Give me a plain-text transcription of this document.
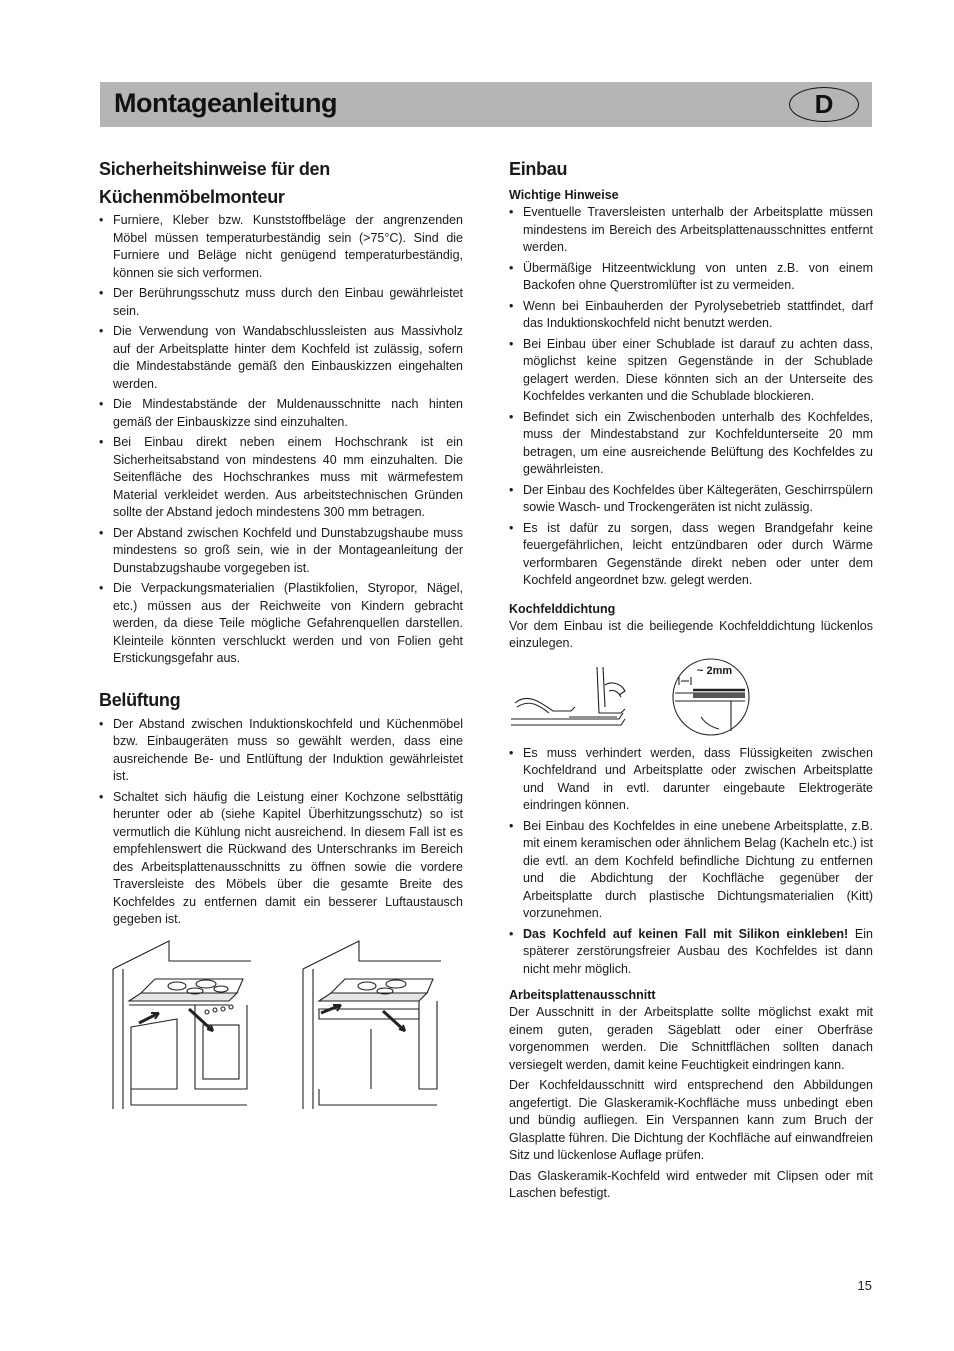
Montageanleitung	D
Sicherheitshinweise für den Küchenmöbelmonteur
• Furniere, Kleber bzw. Kunststoffbeläge der angrenzenden Möbel müssen temperaturbeständig sein (>75°C). Sind die Furniere und Beläge nicht genügend temperaturbeständig, können sie sich verformen.
• Der Berührungsschutz muss durch den Einbau gewährleistet sein.
• Die Verwendung von Wandabschlussleisten aus Massivholz auf der Arbeitsplatte hinter dem Kochfeld ist zulässig, sofern die Mindestabstände gemäß den Einbauskizzen eingehalten werden.
• Die Mindestabstände der Muldenausschnitte nach hinten gemäß der Einbauskizze sind einzuhalten.
• Bei Einbau direkt neben einem Hochschrank ist ein Sicherheitsabstand von mindestens 40 mm einzuhalten. Die Seitenfläche des Hochschrankes muss mit wärmefestem Material verkleidet werden. Aus arbeitstechnischen Gründen sollte der Abstand jedoch mindestens 300 mm betragen.
• Der Abstand zwischen Kochfeld und Dunstabzugshaube muss mindestens so groß sein, wie in der Montageanleitung der Dunstabzugshaube vorgegeben ist.
• Die Verpackungsmaterialien (Plastikfolien, Styropor, Nägel, etc.) müssen aus der Reichweite von Kindern gebracht werden, da diese Teile mögliche Gefahrenquellen darstellen. Kleinteile könnten verschluckt werden und von Folien geht Erstickungsgefahr aus.
Belüftung
• Der Abstand zwischen Induktionskochfeld und Küchenmöbel bzw. Einbaugeräten muss so gewählt werden, dass eine ausreichende Be- und Entlüftung der Induktion gewährleistet ist.
• Schaltet sich häufig die Leistung einer Kochzone selbsttätig herunter oder ab (siehe Kapitel Überhitzungsschutz) so ist vermutlich die Kühlung nicht ausreichend. In diesem Fall ist es empfehlenswert die Rückwand des Unterschranks im Bereich des Arbeitsplattenausschnitts zu öffnen sowie die vordere Traversleiste des Möbels über die gesamte Breite des Kochfeldes zu entfernen damit ein besserer Luftaustausch gegeben ist.
Einbau
Wichtige Hinweise
• Eventuelle Traversleisten unterhalb der Arbeitsplatte müssen mindestens im Bereich des Arbeitsplattenausschnittes entfernt werden.
• Übermäßige Hitzeentwicklung von unten z.B. von einem Backofen ohne Querstromlüfter ist zu vermeiden.
• Wenn bei Einbauherden der Pyrolysebetrieb stattfindet, darf das Induktionskochfeld nicht benutzt werden.
• Bei Einbau über einer Schublade ist darauf zu achten dass, möglichst keine spitzen Gegenstände in der Schublade gelagert werden. Diese könnten sich an der Unterseite des Kochfeldes verkanten und die Schublade blockieren.
• Befindet sich ein Zwischenboden unterhalb des Kochfeldes, muss der Mindestabstand zur Kochfeldunterseite 20 mm betragen, um eine ausreichende Belüftung des Kochfeldes zu gewährleisten.
• Der Einbau des Kochfeldes über Kältegeräten, Geschirrspülern sowie Wasch- und Trockengeräten ist nicht zulässig.
• Es ist dafür zu sorgen, dass wegen Brandgefahr keine feuergefährlichen, leicht entzündbaren oder durch Wärme verformbaren Gegenstände direkt neben oder unter dem Kochfeld angeordnet bzw. gelegt werden.
Kochfelddichtung

Vor dem Einbau ist die beiliegende Kochfelddichtung lückenlos einzulegen.

~ 2mm
• Es muss verhindert werden, dass Flüssigkeiten zwischen Kochfeldrand und Arbeitsplatte oder zwischen Arbeitsplatte und Wand in evtl. darunter eingebaute Elektrogeräte eindringen können.
• Bei Einbau des Kochfeldes in eine unebene Arbeitsplatte, z.B. mit einem keramischen oder ähnlichem Belag (Kacheln etc.) ist die evtl. an dem Kochfeld befindliche Dichtung zu entfernen und die Abdichtung der Kochfläche gegenüber der Arbeitsplatte durch plastische Dichtungsmaterialien (Kitt) vorzunehmen.
• Das Kochfeld auf keinen Fall mit Silikon einkleben! Ein späterer zerstörungsfreier Ausbau des Kochfeldes ist dann nicht mehr möglich.
Arbeitsplattenausschnitt

Der Ausschnitt in der Arbeitsplatte sollte möglichst exakt mit einem guten, geraden Sägeblatt oder einer Oberfräse vorgenommen werden. Die Schnittflächen sollten danach versiegelt werden, damit keine Feuchtigkeit eindringen kann.

Der Kochfeldausschnitt wird entsprechend den Abbildungen angefertigt. Die Glaskeramik-Kochfläche muss unbedingt eben und bündig aufliegen. Ein Verspannen kann zum Bruch der Glasplatte führen. Die Dichtung der Kochfläche auf einwandfreien Sitz und lückenlose Auflage prüfen.

Das Glaskeramik-Kochfeld wird entweder mit Clipsen oder mit Laschen befestigt.

15
